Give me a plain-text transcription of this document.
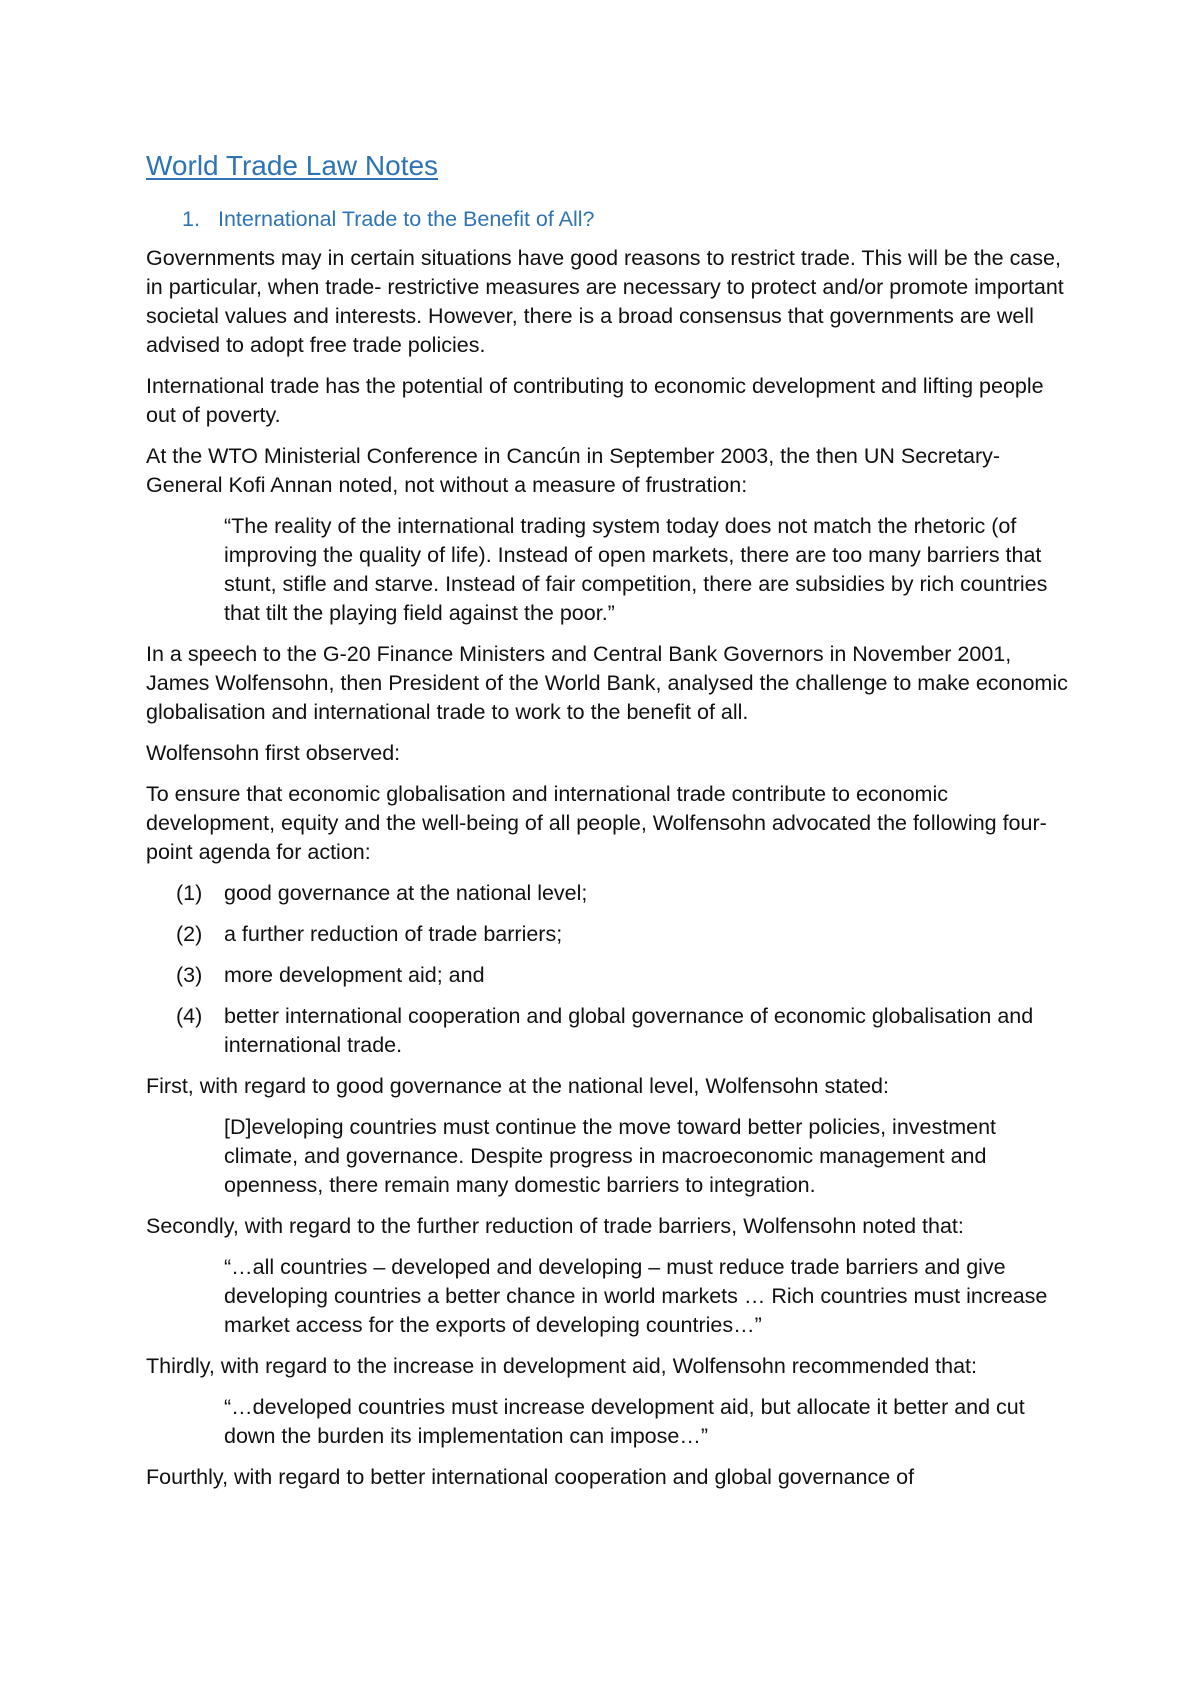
World Trade Law Notes
1. International Trade to the Benefit of All?

Governments may in certain situations have good reasons to restrict trade. This will be the case, in particular, when trade- restrictive measures are necessary to protect and/or promote important societal values and interests. However, there is a broad consensus that governments are well advised to adopt free trade policies.

International trade has the potential of contributing to economic development and lifting people out of poverty.

At the WTO Ministerial Conference in Cancún in September 2003, the then UN Secretary-General Kofi Annan noted, not without a measure of frustration:

“The reality of the international trading system today does not match the rhetoric (of improving the quality of life). Instead of open markets, there are too many barriers that stunt, stifle and starve. Instead of fair competition, there are subsidies by rich countries that tilt the playing field against the poor.”

In a speech to the G-20 Finance Ministers and Central Bank Governors in November 2001, James Wolfensohn, then President of the World Bank, analysed the challenge to make economic globalisation and international trade to work to the benefit of all.

Wolfensohn first observed:

To ensure that economic globalisation and international trade contribute to economic development, equity and the well-being of all people, Wolfensohn advocated the following four-point agenda for action:

(1)	good governance at the national level;
(2)	a further reduction of trade barriers;
(3)	more development aid; and
(4)	better international cooperation and global governance of economic globalisation and international trade.

First, with regard to good governance at the national level, Wolfensohn stated:

[D]eveloping countries must continue the move toward better policies, investment climate, and governance. Despite progress in macroeconomic management and openness, there remain many domestic barriers to integration.

Secondly, with regard to the further reduction of trade barriers, Wolfensohn noted that:

“…all countries – developed and developing – must reduce trade barriers and give developing countries a better chance in world markets … Rich countries must increase market access for the exports of developing countries…”

Thirdly, with regard to the increase in development aid, Wolfensohn recommended that:

“…developed countries must increase development aid, but allocate it better and cut down the burden its implementation can impose…”

Fourthly, with regard to better international cooperation and global governance of
